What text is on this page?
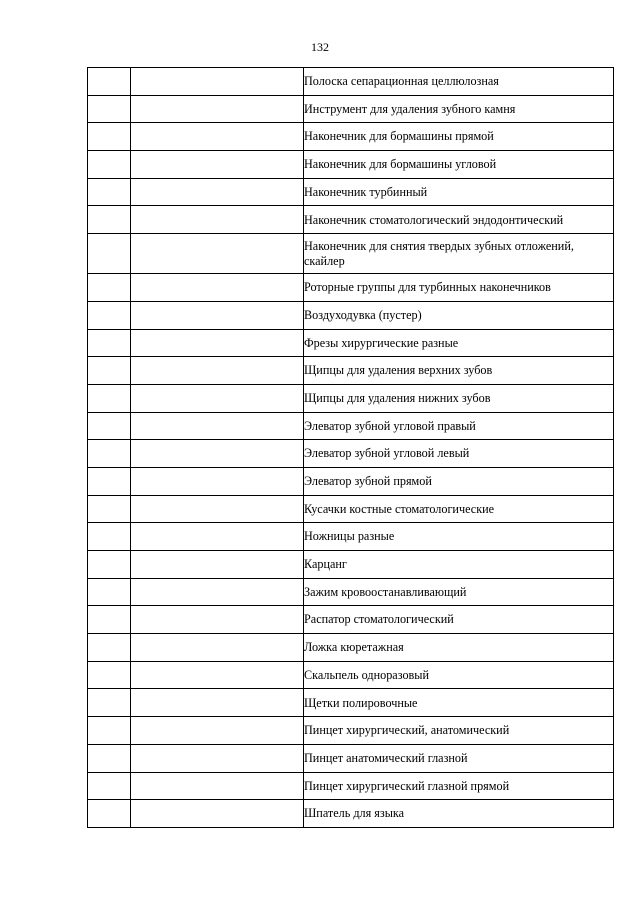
132
		Полоска сепарационная целлюлозная
		Инструмент для удаления зубного камня
		Наконечник для бормашины прямой
		Наконечник для бормашины угловой
		Наконечник турбинный
		Наконечник стоматологический эндодонтический
		Наконечник для снятия твердых зубных отложений, скайлер
		Роторные группы для турбинных наконечников
		Воздуходувка (пустер)
		Фрезы хирургические разные
		Щипцы для удаления верхних зубов
		Щипцы для удаления нижних зубов
		Элеватор зубной угловой правый
		Элеватор зубной угловой левый
		Элеватор зубной прямой
		Кусачки костные стоматологические
		Ножницы разные
		Карцанг
		Зажим кровоостанавливающий
		Распатор стоматологический
		Ложка кюретажная
		Скальпель одноразовый
		Щетки полировочные
		Пинцет хирургический, анатомический
		Пинцет анатомический глазной
		Пинцет хирургический глазной прямой
		Шпатель для языка
